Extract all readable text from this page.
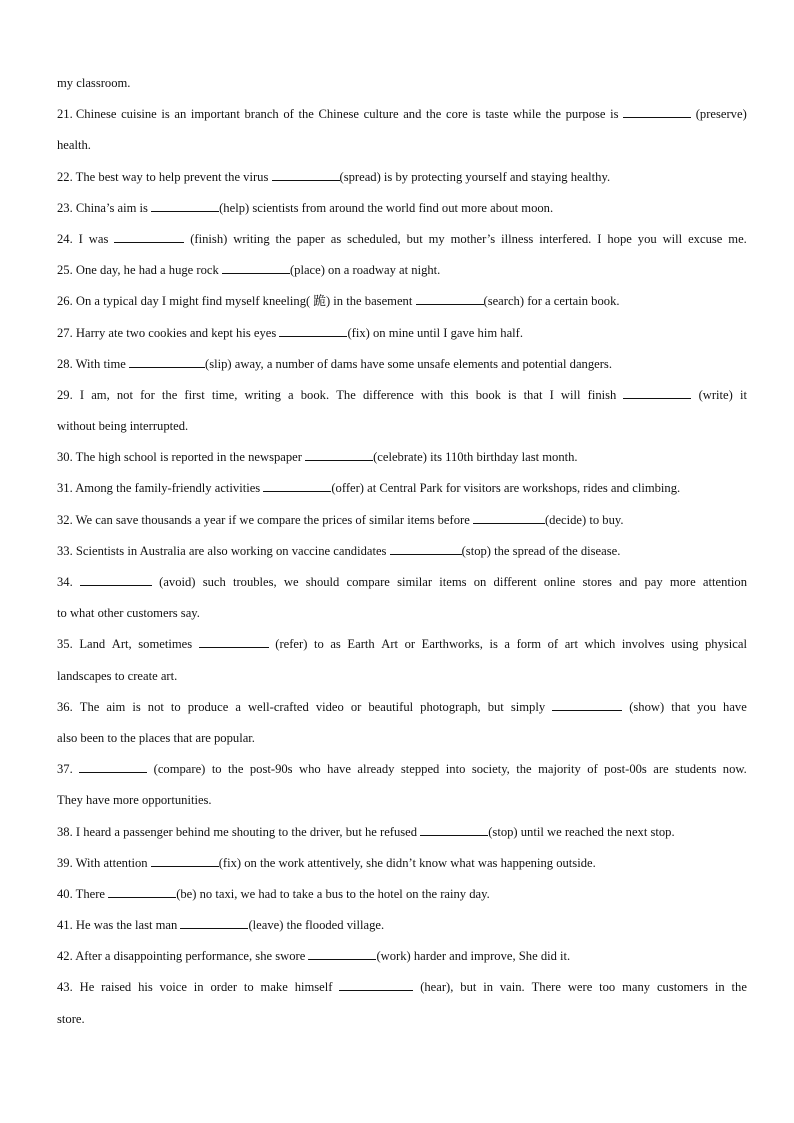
my classroom.
21. Chinese cuisine is an important branch of the Chinese culture and the core is taste while the purpose is	(preserve)
health.
22. The best way to help prevent the virus	(spread) is by protecting yourself and staying healthy.
23. China’s aim is	(help) scientists from around the world find out more about moon.
24. I was	(finish) writing the paper as scheduled, but my mother’s illness interfered. I hope you will excuse me.
25. One day, he had a huge rock	(place) on a roadway at night.
26. On a typical day I might find myself kneeling( 跪) in the basement	(search) for a certain book.
27. Harry ate two cookies and kept his eyes	(fix) on mine until I gave him half.
28. With time	(slip) away, a number of dams have some unsafe elements and potential dangers.
29. I am, not for the first time, writing a book. The difference with this book is that I will finish	(write) it
without being interrupted.
30. The high school is reported in the newspaper	(celebrate) its 110th birthday last month.
31. Among the family-friendly activities	(offer) at Central Park for visitors are workshops, rides and climbing.
32. We can save thousands a year if we compare the prices of similar items before	(decide) to buy.
33. Scientists in Australia are also working on vaccine candidates	(stop) the spread of the disease.
34.	(avoid) such troubles, we should compare similar items on different online stores and pay more attention
to what other customers say.
35. Land Art, sometimes	(refer) to as Earth Art or Earthworks, is a form of art which involves using physical
landscapes to create art.
36. The aim is not to produce a well-crafted video or beautiful photograph, but simply	(show) that you have
also been to the places that are popular.
37.	(compare) to the post-90s who have already stepped into society, the majority of post-00s are students now.
They have more opportunities.
38. I heard a passenger behind me shouting to the driver, but he refused	(stop) until we reached the next stop.
39. With attention	(fix) on the work attentively, she didn’t know what was happening outside.
40. There	(be) no taxi, we had to take a bus to the hotel on the rainy day.
41. He was the last man	(leave) the flooded village.
42. After a disappointing performance, she swore	(work) harder and improve, She did it.
43. He raised his voice in order to make himself	(hear), but in vain. There were too many customers in the
store.
